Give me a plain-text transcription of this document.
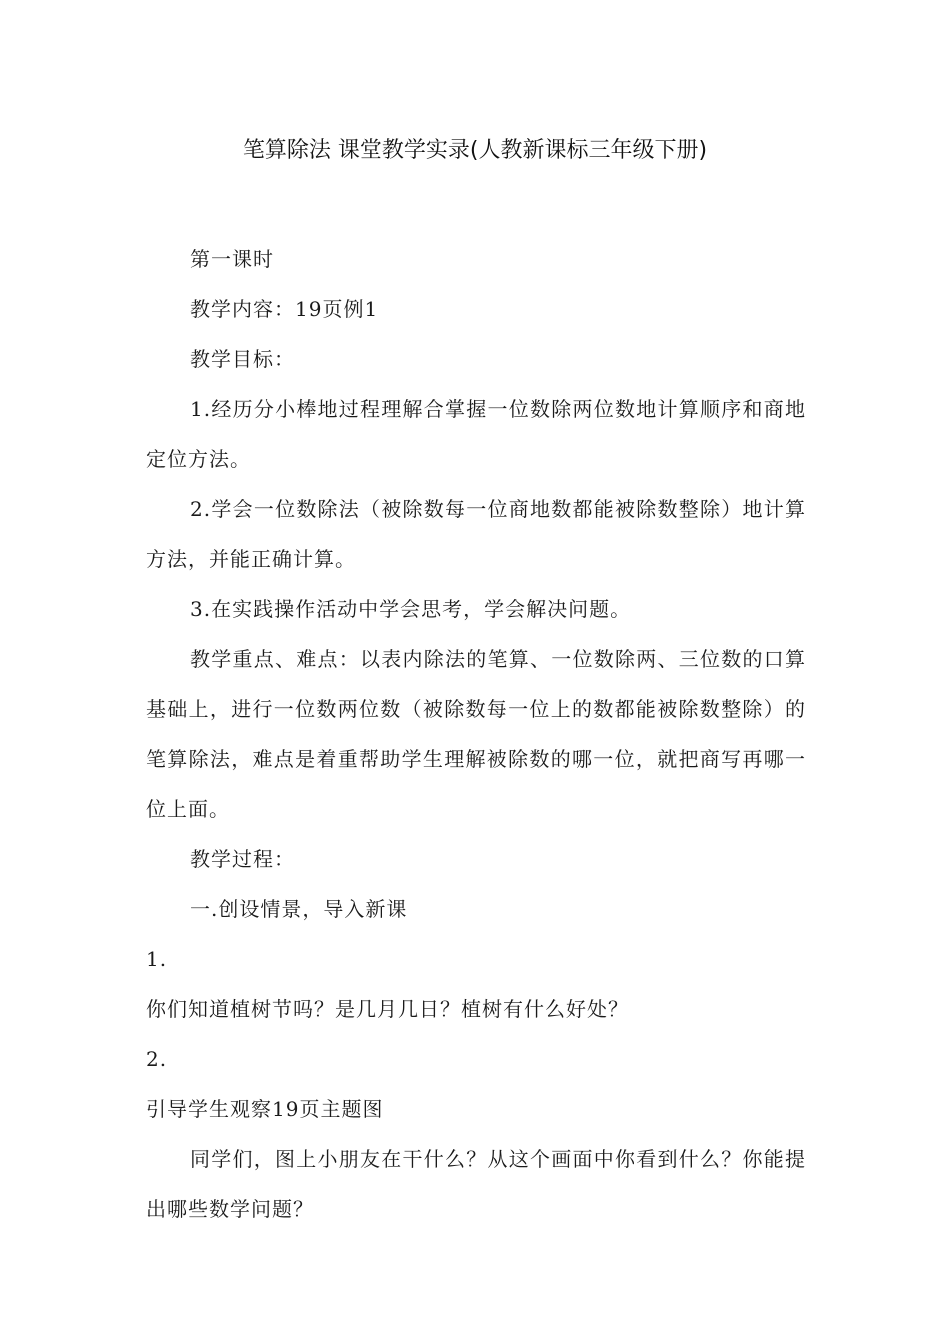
笔算除法 课堂教学实录(人教新课标三年级下册)

第一课时

教学内容：19页例1

教学目标：

1.经历分小棒地过程理解合掌握一位数除两位数地计算顺序和商地定位方法。

2.学会一位数除法（被除数每一位商地数都能被除数整除）地计算方法，并能正确计算。

3.在实践操作活动中学会思考，学会解决问题。

教学重点、难点：以表内除法的笔算、一位数除两、三位数的口算基础上，进行一位数两位数（被除数每一位上的数都能被除数整除）的笔算除法，难点是着重帮助学生理解被除数的哪一位，就把商写再哪一位上面。

教学过程：

一.创设情景，导入新课

1.

你们知道植树节吗？是几月几日？植树有什么好处？

2.

引导学生观察19页主题图

同学们，图上小朋友在干什么？从这个画面中你看到什么？你能提出哪些数学问题？
